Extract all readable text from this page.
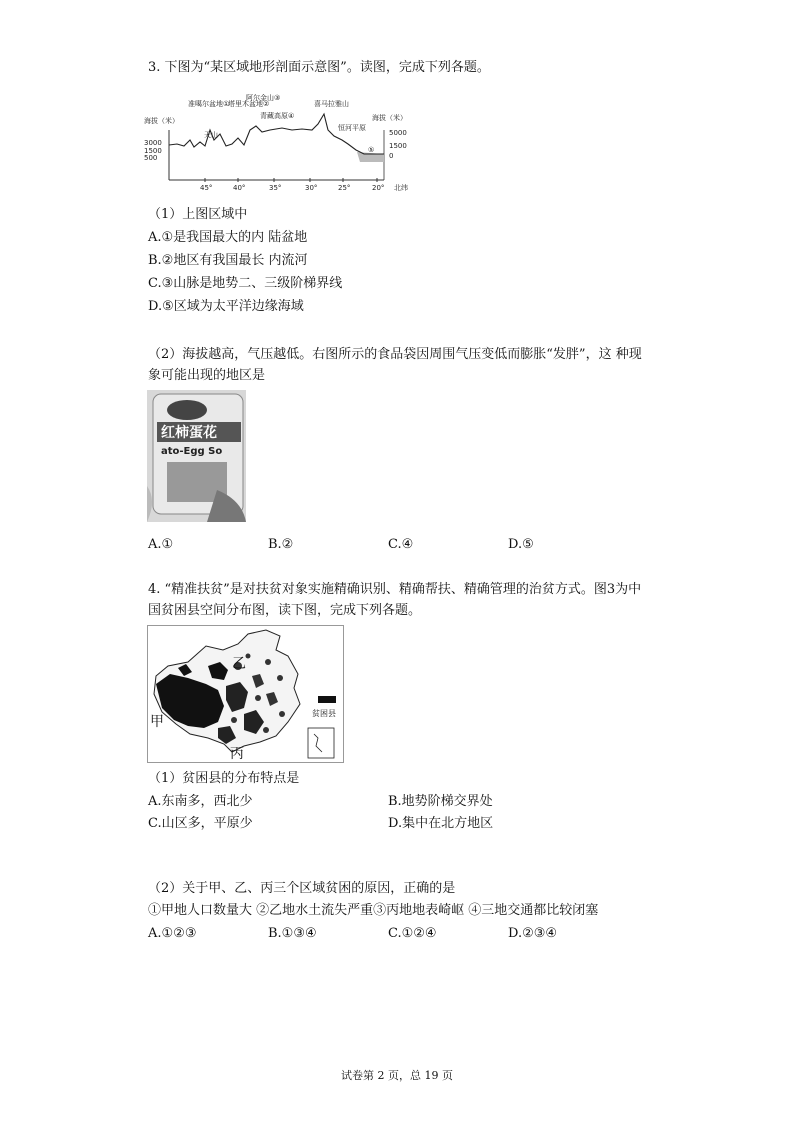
3. 下图为“某区域地形剖面示意图”。读图，完成下列各题。
海拔（米）
3000
1500
500
海拔（米）
5000
1500
0
45°	40°	35°	30°	25°	20° 北纬
准噶尔盆地①
天山
塔里木盆地②
阿尔金山③
青藏高原④
喜马拉雅山
恒河平原
⑤
（1）上图区域中
A.①是我国最大的内 陆盆地
B.②地区有我国最长 内流河
C.③山脉是地势二、三级阶梯界线
D.⑤区域为太平洋边缘海域
（2）海拔越高，气压越低。右图所示的食品袋因周围气压变低而膨胀“发胖”，这 种现
象可能出现的地区是
红柿蛋花
ato-Egg So
A.①	B.②	C.④	D.⑤
4. “精准扶贫”是对扶贫对象实施精确识别、精确帮扶、精确管理的治贫方式。图3为中
国贫困县空间分布图，读下图，完成下列各题。
贫困县
甲
乙
丙
（1）贫困县的分布特点是
A.东南多，西北少	B.地势阶梯交界处
C.山区多，平原少	D.集中在北方地区
（2）关于甲、乙、丙三个区域贫困的原因，正确的是
①甲地人口数量大 ②乙地水土流失严重③丙地地表崎岖 ④三地交通都比较闭塞
A.①②③	B.①③④	C.①②④	D.②③④
试卷第 2 页，总 19 页
